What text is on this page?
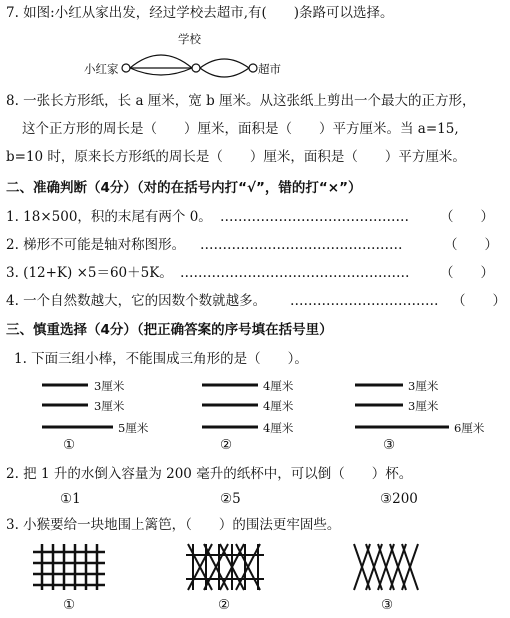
7. 如图:小红从家出发，经过学校去超市,有(　　)条路可以选择。
学校
小红家	超市
8. 一张长方形纸，长 a 厘米，宽 b 厘米。从这张纸上剪出一个最大的正方形，
这个正方形的周长是（　　）厘米，面积是（　　）平方厘米。当 a=15,
b=10 时，原来长方形纸的周长是（　　）厘米，面积是（　　）平方厘米。
二、准确判断（4分）（对的在括号内打“√”，错的打“×”）
1. 18×500，积的末尾有两个 0。 ……………………………………	（　　）
2. 梯形不可能是轴对称图形。 ………………………………………	（　　）
3. (12+K) ×5＝60＋5K。 ……………………………………………	（　　）
4. 一个自然数越大，它的因数个数就越多。 ……………………………	（　　）
三、慎重选择（4分）（把正确答案的序号填在括号里）
1. 下面三组小棒，不能围成三角形的是（　　）。
3厘米
3厘米
5厘米
①
4厘米
4厘米
4厘米
②
3厘米
3厘米
6厘米
③
2. 把 1 升的水倒入容量为 200 毫升的纸杯中，可以倒（　　）杯。
①1	②5	③200
3. 小猴要给一块地围上篱笆，（　　）的围法更牢固些。
①	②	③
